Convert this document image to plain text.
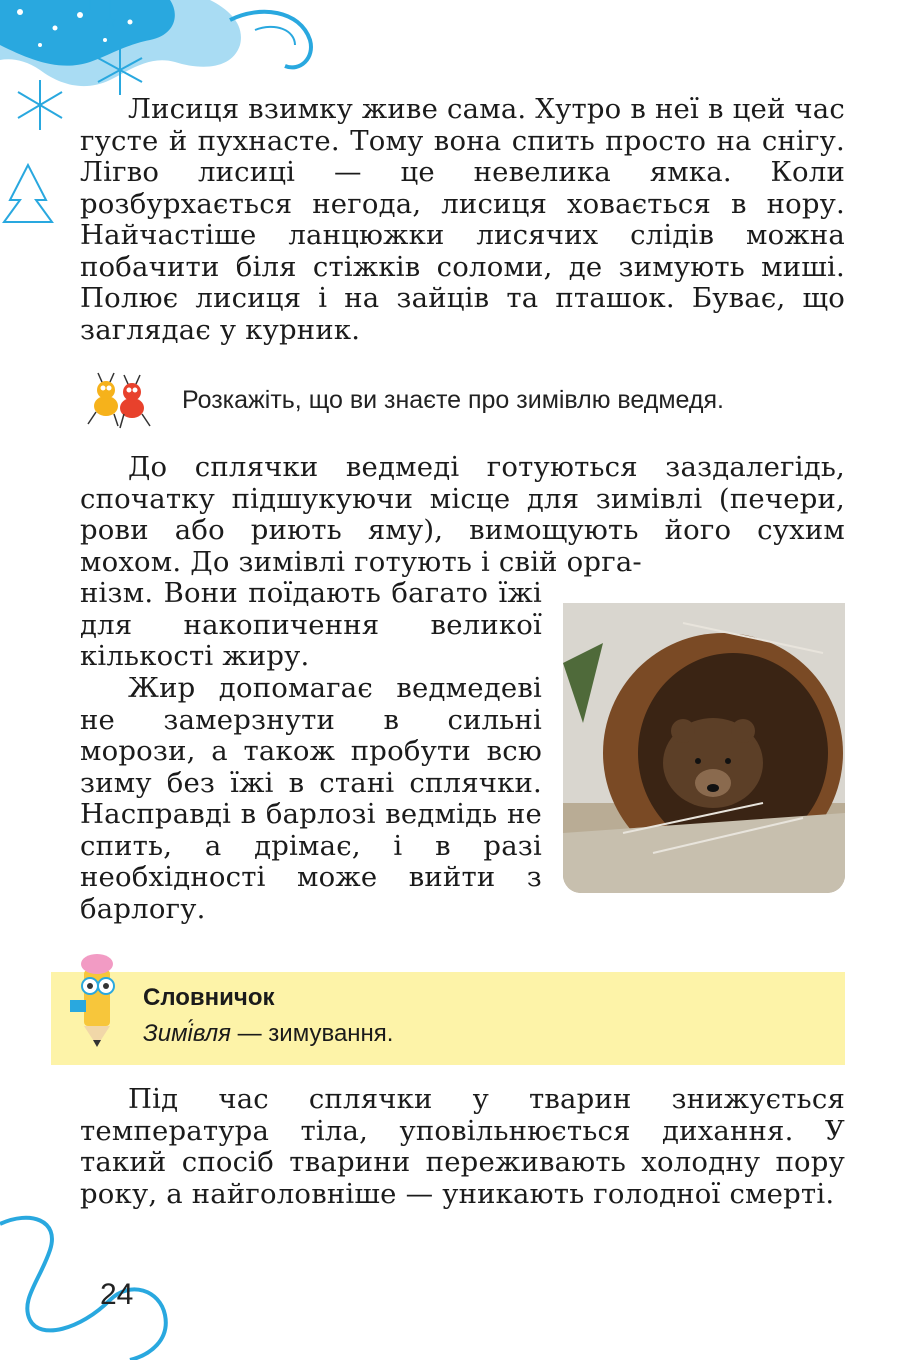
★

Лисиця взимку живе сама. Хутро в неї в цей час густе й пухнасте. Тому вона спить просто на снігу. Лігво лисиці — це невелика ямка. Коли розбурхається негода, лисиця ховається в нору. Найчастіше ланцюжки лисячих слідів можна побачити біля стіжків соломи, де зимують миші. Полює лисиця і на зайців та пташок. Буває, що заглядає у курник.

Розкажіть, що ви знаєте про зимівлю ведмедя.

До сплячки ведмеді готуються заздалегідь, спочатку підшукуючи місце для зимівлі (печери, рови або риють яму), вимощують його сухим мохом. До зимівлі готують і свій орга-

нізм. Вони поїдають багато їжі для накопичення великої кількості жиру.

Жир допомагає ведмедеві не замерзнути в сильні морози, а також пробути всю зиму без їжі в стані сплячки. Насправді в барлозі ведмідь не спить, а дрімає, і в разі необхідності може вийти з барлогу.

Словничок
Зимі́вля — зимування.

Під час сплячки у тварин знижується температура тіла, уповільнюється дихання. У такий спосіб тварини переживають холодну пору року, а найголовніше — уникають голодної смерті.

24
